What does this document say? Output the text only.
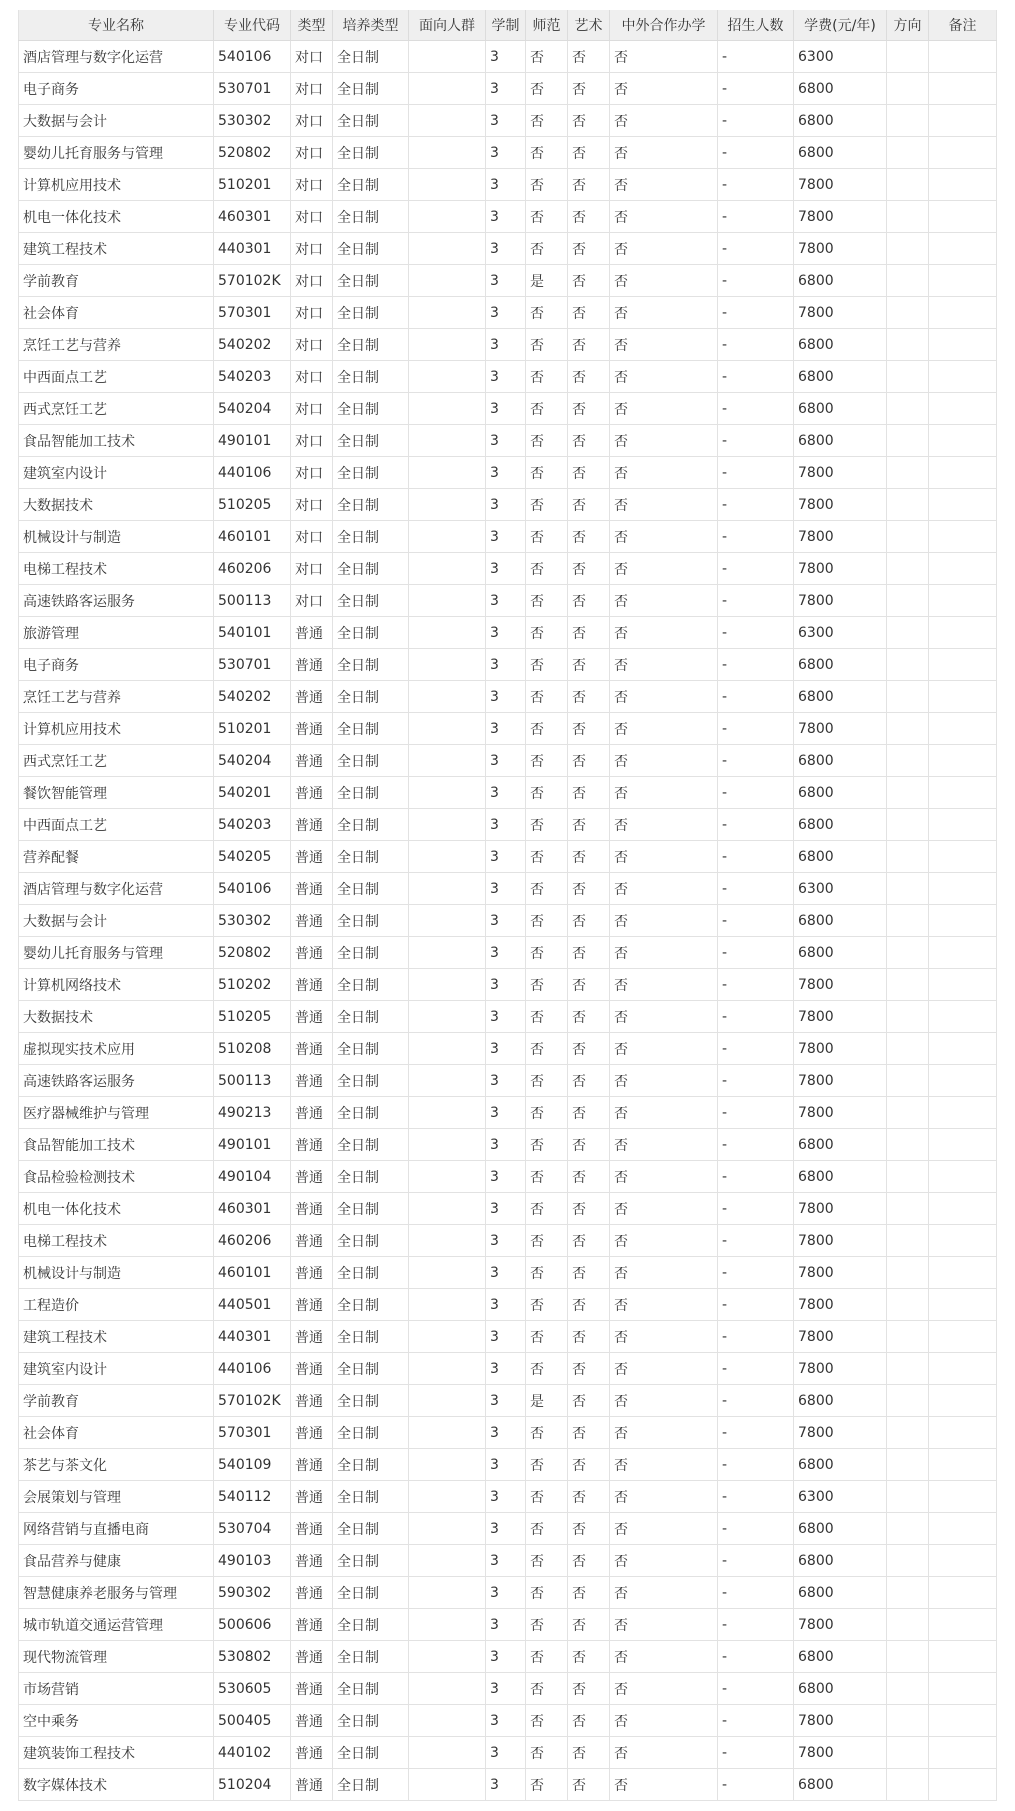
专业名称	专业代码	类型	培养类型	面向人群	学制	师范	艺术	中外合作办学	招生人数	学费(元/年)	方向	备注
酒店管理与数字化运营	540106	对口	全日制		3	否	否	否	-	6300		
电子商务	530701	对口	全日制		3	否	否	否	-	6800		
大数据与会计	530302	对口	全日制		3	否	否	否	-	6800		
婴幼儿托育服务与管理	520802	对口	全日制		3	否	否	否	-	6800		
计算机应用技术	510201	对口	全日制		3	否	否	否	-	7800		
机电一体化技术	460301	对口	全日制		3	否	否	否	-	7800		
建筑工程技术	440301	对口	全日制		3	否	否	否	-	7800		
学前教育	570102K	对口	全日制		3	是	否	否	-	6800		
社会体育	570301	对口	全日制		3	否	否	否	-	7800		
烹饪工艺与营养	540202	对口	全日制		3	否	否	否	-	6800		
中西面点工艺	540203	对口	全日制		3	否	否	否	-	6800		
西式烹饪工艺	540204	对口	全日制		3	否	否	否	-	6800		
食品智能加工技术	490101	对口	全日制		3	否	否	否	-	6800		
建筑室内设计	440106	对口	全日制		3	否	否	否	-	7800		
大数据技术	510205	对口	全日制		3	否	否	否	-	7800		
机械设计与制造	460101	对口	全日制		3	否	否	否	-	7800		
电梯工程技术	460206	对口	全日制		3	否	否	否	-	7800		
高速铁路客运服务	500113	对口	全日制		3	否	否	否	-	7800		
旅游管理	540101	普通	全日制		3	否	否	否	-	6300		
电子商务	530701	普通	全日制		3	否	否	否	-	6800		
烹饪工艺与营养	540202	普通	全日制		3	否	否	否	-	6800		
计算机应用技术	510201	普通	全日制		3	否	否	否	-	7800		
西式烹饪工艺	540204	普通	全日制		3	否	否	否	-	6800		
餐饮智能管理	540201	普通	全日制		3	否	否	否	-	6800		
中西面点工艺	540203	普通	全日制		3	否	否	否	-	6800		
营养配餐	540205	普通	全日制		3	否	否	否	-	6800		
酒店管理与数字化运营	540106	普通	全日制		3	否	否	否	-	6300		
大数据与会计	530302	普通	全日制		3	否	否	否	-	6800		
婴幼儿托育服务与管理	520802	普通	全日制		3	否	否	否	-	6800		
计算机网络技术	510202	普通	全日制		3	否	否	否	-	7800		
大数据技术	510205	普通	全日制		3	否	否	否	-	7800		
虚拟现实技术应用	510208	普通	全日制		3	否	否	否	-	7800		
高速铁路客运服务	500113	普通	全日制		3	否	否	否	-	7800		
医疗器械维护与管理	490213	普通	全日制		3	否	否	否	-	7800		
食品智能加工技术	490101	普通	全日制		3	否	否	否	-	6800		
食品检验检测技术	490104	普通	全日制		3	否	否	否	-	6800		
机电一体化技术	460301	普通	全日制		3	否	否	否	-	7800		
电梯工程技术	460206	普通	全日制		3	否	否	否	-	7800		
机械设计与制造	460101	普通	全日制		3	否	否	否	-	7800		
工程造价	440501	普通	全日制		3	否	否	否	-	7800		
建筑工程技术	440301	普通	全日制		3	否	否	否	-	7800		
建筑室内设计	440106	普通	全日制		3	否	否	否	-	7800		
学前教育	570102K	普通	全日制		3	是	否	否	-	6800		
社会体育	570301	普通	全日制		3	否	否	否	-	7800		
茶艺与茶文化	540109	普通	全日制		3	否	否	否	-	6800		
会展策划与管理	540112	普通	全日制		3	否	否	否	-	6300		
网络营销与直播电商	530704	普通	全日制		3	否	否	否	-	6800		
食品营养与健康	490103	普通	全日制		3	否	否	否	-	6800		
智慧健康养老服务与管理	590302	普通	全日制		3	否	否	否	-	6800		
城市轨道交通运营管理	500606	普通	全日制		3	否	否	否	-	7800		
现代物流管理	530802	普通	全日制		3	否	否	否	-	6800		
市场营销	530605	普通	全日制		3	否	否	否	-	6800		
空中乘务	500405	普通	全日制		3	否	否	否	-	7800		
建筑装饰工程技术	440102	普通	全日制		3	否	否	否	-	7800		
数字媒体技术	510204	普通	全日制		3	否	否	否	-	6800		
